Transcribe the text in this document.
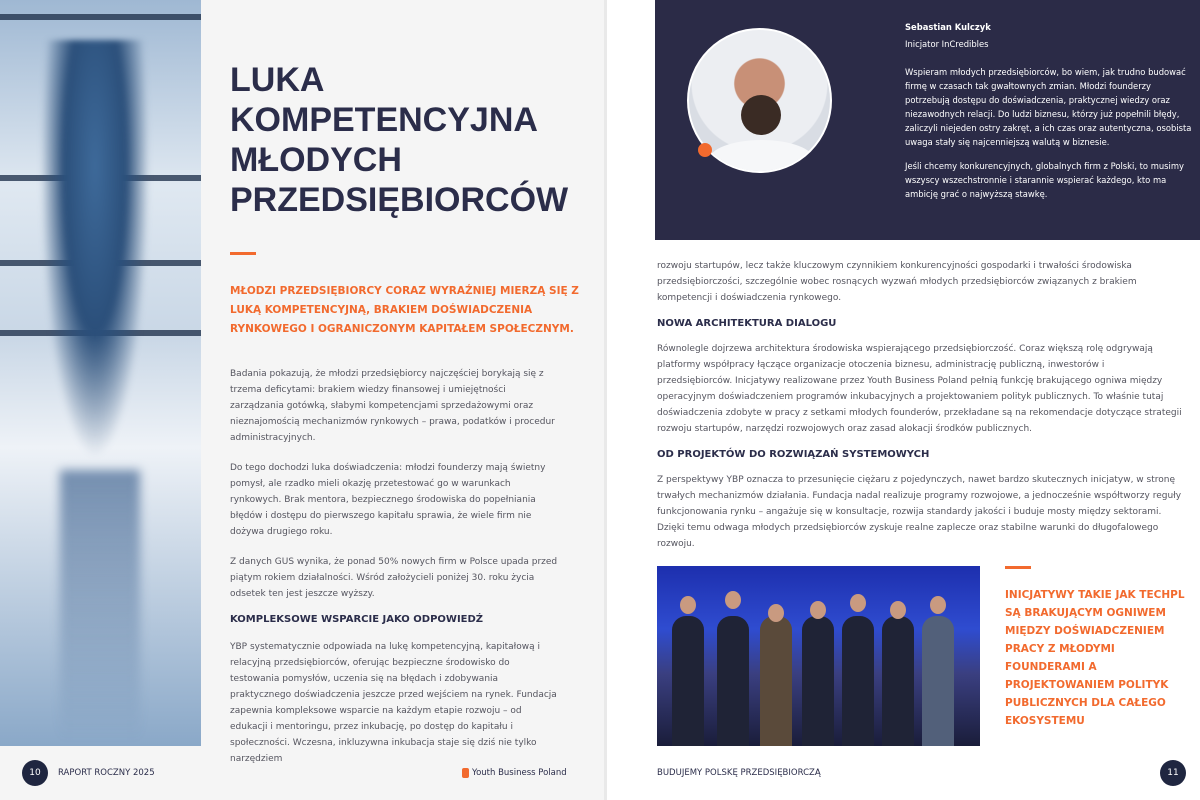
LUKA
KOMPETENCYJNA
MŁODYCH
PRZEDSIĘBIORCÓW
MŁODZI PRZEDSIĘBIORCY CORAZ WYRAŹNIEJ MIERZĄ SIĘ Z LUKĄ KOMPETENCYJNĄ, BRAKIEM DOŚWIADCZENIA RYNKOWEGO I OGRANICZONYM KAPITAŁEM SPOŁECZNYM.

Badania pokazują, że młodzi przedsiębiorcy najczęściej borykają się z trzema deficytami: brakiem wiedzy finansowej i umiejętności zarządzania gotówką, słabymi kompetencjami sprzedażowymi oraz nieznajomością mechanizmów rynkowych – prawa, podatków i procedur administracyjnych.

Do tego dochodzi luka doświadczenia: młodzi founderzy mają świetny pomysł, ale rzadko mieli okazję przetestować go w warunkach rynkowych. Brak mentora, bezpiecznego środowiska do popełniania błędów i dostępu do pierwszego kapitału sprawia, że wiele firm nie dożywa drugiego roku.

Z danych GUS wynika, że ponad 50% nowych firm w Polsce upada przed piątym rokiem działalności. Wśród założycieli poniżej 30. roku życia odsetek ten jest jeszcze wyższy.

KOMPLEKSOWE WSPARCIE JAKO ODPOWIEDŹ

YBP systematycznie odpowiada na lukę kompetencyjną, kapitałową i relacyjną przedsiębiorców, oferując bezpieczne środowisko do testowania pomysłów, uczenia się na błędach i zdobywania praktycznego doświadczenia jeszcze przed wejściem na rynek. Fundacja zapewnia kompleksowe wsparcie na każdym etapie rozwoju – od edukacji i mentoringu, przez inkubację, po dostęp do kapitału i społeczności. Wczesna, inkluzywna inkubacja staje się dziś nie tylko narzędziem

10	RAPORT ROCZNY 2025	Youth Business Poland

Sebastian Kulczyk

Inicjator InCredibles

Wspieram młodych przedsiębiorców, bo wiem, jak trudno budować firmę w czasach tak gwałtownych zmian. Młodzi founderzy potrzebują dostępu do doświadczenia, praktycznej wiedzy oraz niezawodnych relacji. Do ludzi biznesu, którzy już popełnili błędy, zaliczyli niejeden ostry zakręt, a ich czas oraz autentyczna, osobista uwaga stały się najcenniejszą walutą w biznesie.

Jeśli chcemy konkurencyjnych, globalnych firm z Polski, to musimy wszyscy wszechstronnie i starannie wspierać każdego, kto ma ambicję grać o najwyższą stawkę.

rozwoju startupów, lecz także kluczowym czynnikiem konkurencyjności gospodarki i trwałości środowiska przedsiębiorczości, szczególnie wobec rosnących wyzwań młodych przedsiębiorców związanych z brakiem kompetencji i doświadczenia rynkowego.

NOWA ARCHITEKTURA DIALOGU

Równolegle dojrzewa architektura środowiska wspierającego przedsiębiorczość. Coraz większą rolę odgrywają platformy współpracy łączące organizacje otoczenia biznesu, administrację publiczną, inwestorów i przedsiębiorców. Inicjatywy realizowane przez Youth Business Poland pełnią funkcję brakującego ogniwa między operacyjnym doświadczeniem programów inkubacyjnych a projektowaniem polityk publicznych. To właśnie tutaj doświadczenia zdobyte w pracy z setkami młodych founderów, przekładane są na rekomendacje dotyczące strategii rozwoju startupów, narzędzi rozwojowych oraz zasad alokacji środków publicznych.

OD PROJEKTÓW DO ROZWIĄZAŃ SYSTEMOWYCH

Z perspektywy YBP oznacza to przesunięcie ciężaru z pojedynczych, nawet bardzo skutecznych inicjatyw, w stronę trwałych mechanizmów działania. Fundacja nadal realizuje programy rozwojowe, a jednocześnie współtworzy reguły funkcjonowania rynku – angażuje się w konsultacje, rozwija standardy jakości i buduje mosty między sektorami. Dzięki temu odwaga młodych przedsiębiorców zyskuje realne zaplecze oraz stabilne warunki do długofalowego rozwoju.

INICJATYWY TAKIE JAK TECHPL SĄ BRAKUJĄCYM OGNIWEM MIĘDZY DOŚWIADCZENIEM PRACY Z MŁODYMI FOUNDERAMI A PROJEKTOWANIEM POLITYK PUBLICZNYCH DLA CAŁEGO EKOSYSTEMU
BUDUJEMY POLSKĘ PRZEDSIĘBIORCZĄ	11
